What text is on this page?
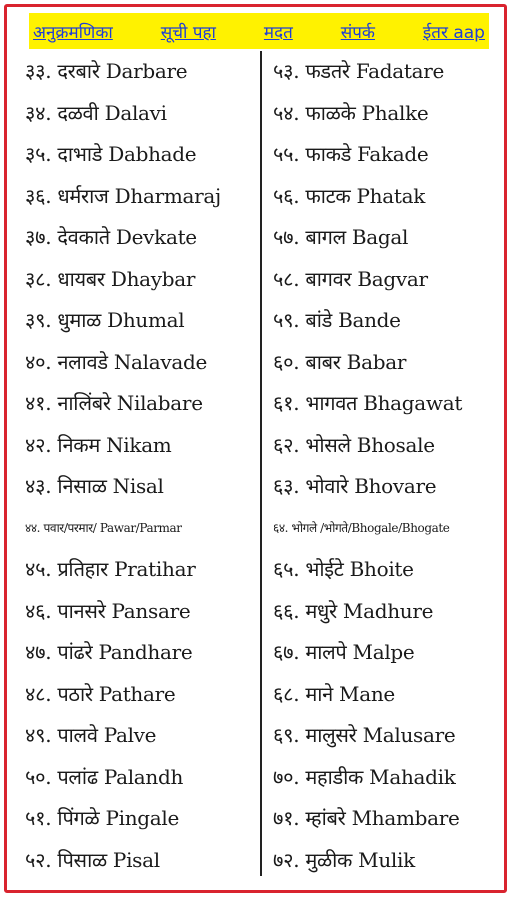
अनुक्रमणिका	सूची पहा	मदत	संपर्क	ईतर aap
३३. दरबारे Darbare
३४. दळवी Dalavi
३५. दाभाडे Dabhade
३६. धर्मराज Dharmaraj
३७. देवकाते Devkate
३८. धायबर Dhaybar
३९. धुमाळ Dhumal
४०. नलावडे Nalavade
४१. नालिंबरे Nilabare
४२. निकम Nikam
४३. निसाळ Nisal
४४. पवार/परमार/ Pawar/Parmar
४५. प्रतिहार Pratihar
४६. पानसरे Pansare
४७. पांढरे Pandhare
४८. पठारे Pathare
४९. पालवे Palve
५०. पलांढ Palandh
५१. पिंगळे Pingale
५२. पिसाळ Pisal
५३. फडतरे Fadatare
५४. फाळके Phalke
५५. फाकडे Fakade
५६. फाटक Phatak
५७. बागल Bagal
५८. बागवर Bagvar
५९. बांडे Bande
६०. बाबर Babar
६१. भागवत Bhagawat
६२. भोसले Bhosale
६३. भोवारे Bhovare
६४. भोगले /भोगते/Bhogale/Bhogate
६५. भोईटे Bhoite
६६. मधुरे Madhure
६७. मालपे Malpe
६८. माने Mane
६९. मालुसरे Malusare
७०. महाडीक Mahadik
७१. म्हांबरे Mhambare
७२. मुळीक Mulik
